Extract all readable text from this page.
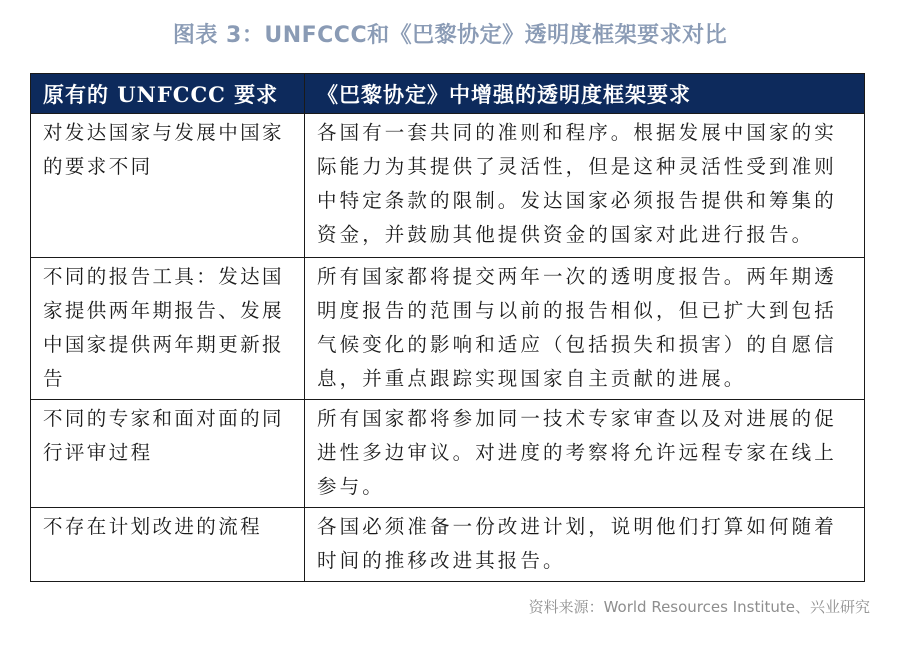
图表 3：UNFCCC和《巴黎协定》透明度框架要求对比
原有的 UNFCCC 要求	《巴黎协定》中增强的透明度框架要求
对发达国家与发展中国家的要求不同	各国有一套共同的准则和程序。根据发展中国家的实际能力为其提供了灵活性，但是这种灵活性受到准则中特定条款的限制。发达国家必须报告提供和筹集的资金，并鼓励其他提供资金的国家对此进行报告。
不同的报告工具：发达国家提供两年期报告、发展中国家提供两年期更新报告	所有国家都将提交两年一次的透明度报告。两年期透明度报告的范围与以前的报告相似，但已扩大到包括气候变化的影响和适应（包括损失和损害）的自愿信息，并重点跟踪实现国家自主贡献的进展。
不同的专家和面对面的同行评审过程	所有国家都将参加同一技术专家审查以及对进展的促进性多边审议。对进度的考察将允许远程专家在线上参与。
不存在计划改进的流程	各国必须准备一份改进计划，说明他们打算如何随着时间的推移改进其报告。
资料来源：World Resources Institute、兴业研究
